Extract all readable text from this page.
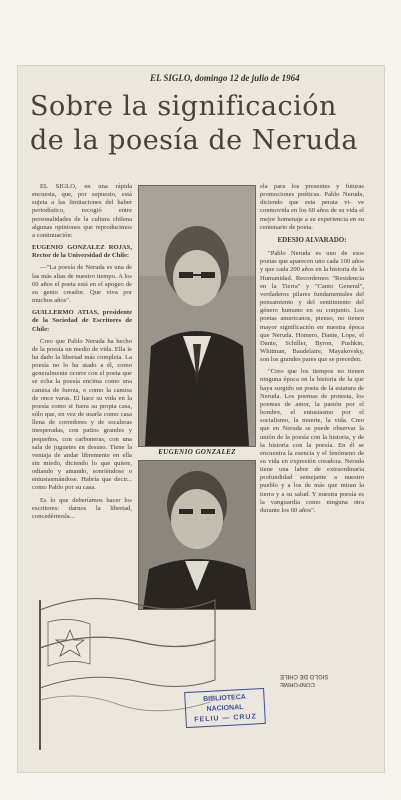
EL SIGLO, domingo 12 de julio de 1964
Sobre la significación
de la poesía de Neruda

EL SIGLO, en una rápida encuesta, que, por supuesto, está sujeta a las limitaciones del haber periodístico, recogió entre personalidades de la cultura chilena algunas opiniones que reproducimos a continuación:

EUGENIO GONZALEZ ROJAS, Rector de la Universidad de Chile:

—"La poesía de Neruda es una de las más altas de nuestro tiempo. A los 60 años el poeta está en el apogeo de su genio creador. Que viva por muchos años".

GUILLERMO ATIAS, presidente de la Sociedad de Escritores de Chile:

Creo que Pablo Neruda ha hecho de la poesía un medio de vida. Ella le ha dado la libertad más completa. La poesía no lo ha atado a él, como generalmente ocurre con el poeta que se echa la poesía encima como una camisa de fuerza, o como la camisa de once varas. El hace su vida en la poesía como si fuera su propia casa, sólo que, en vez de usarla como casa llena de corredores y de escaleras inesperadas, con patios grandes y pequeños, con carboneras, con una sala de juguetes en desuso. Tiene la ventaja de andar libremente en ella sin miedo, diciendo lo que quiere, odiando y amando, sonriéndose o entusiasmándose. Habría que decir... como Pablo por su casa.

Es lo que deberíamos hacer los escritores: darnos la libertad, concedérnosla...

EUGENIO GONZALEZ

ela para los presentes y futuras promociones poéticas. Pablo Neruda, diciendo que esta perata vi- ve conmovida en los 60 años de su vida el mejor homenaje a su experiencia en su centenario de poeta.

EDESIO ALVARADO:

"Pablo Neruda es uno de esos poetas que aparecen uno cada 100 años y que cada 200 años en la historia de la Humanidad. Recordemos "Residencia en la Tierra" y "Canto General", verdaderos pilares fundamentales del pensamiento y del sentimiento del género humano en su conjunto. Los poetas americanos, pienso, no tienen mayor significación en nuestra época que Neruda. Homero, Dante, Lope, el Dante, Schiller, Byron, Pushkin, Whitman, Baudelaire, Mayakovsky, son los grandes pares que se preceden.

"Creo que los tiempos no tienen ninguna época en la historia de la que haya surgido un poeta de la estatura de Neruda. Los poemas de protesta, los poemas de amor, la pasión por el hombre, el entusiasmo por el socialismo, la muerte, la vida. Creo que en Neruda se puede observar la unión de la poesía con la historia, y de la historia con la poesía. En él se encuentra la esencia y el fenómeno de su vida en expresión creadora. Neruda tiene una labor de extraordinaria profundidad semejante a nuestro pueblo y a los de más que miran la tierra y a su salud. Y nuestra poesía es la vanguardia como ninguna otra durante los 60 años".

CONFORME
SIGLO DE CHILE
BIBLIOTECA NACIONAL
FELIU — CRUZ
